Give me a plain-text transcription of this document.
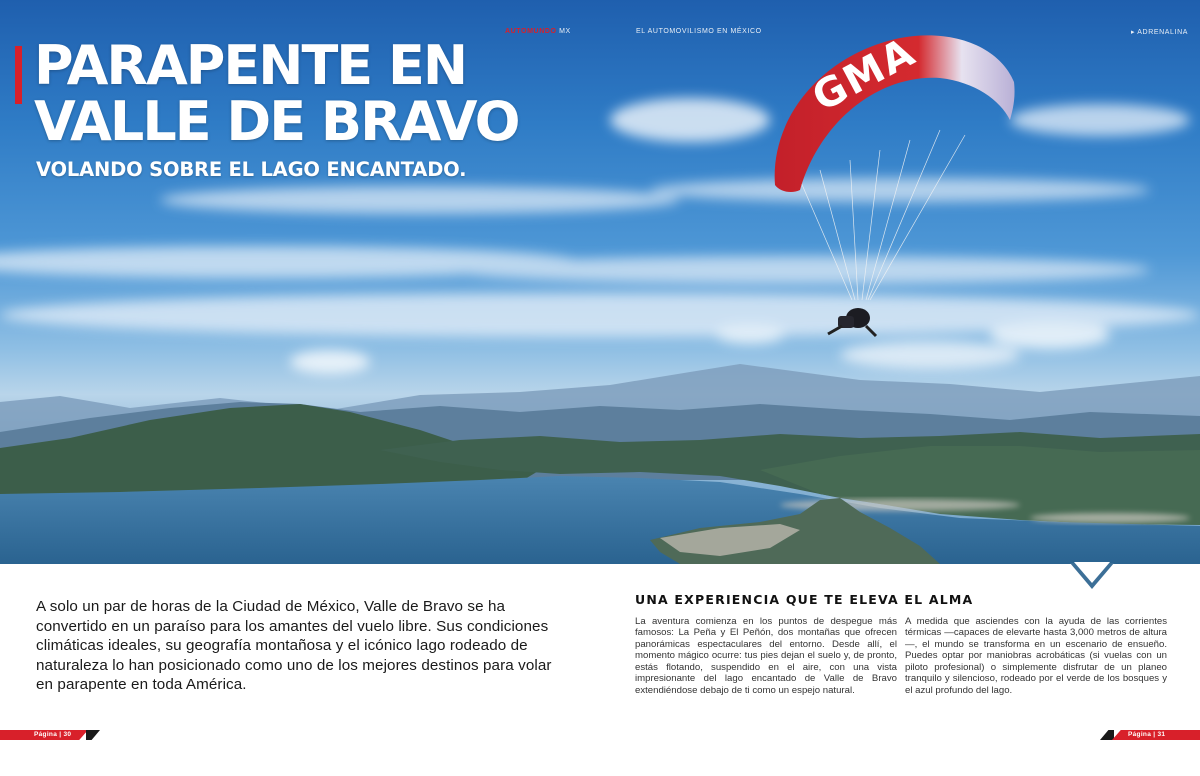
GMA
AUTOMUNDO MX	EL AUTOMOVILISMO EN MÉXICO	▸ ADRENALINA
PARAPENTE EN VALLE DE BRAVO
VOLANDO SOBRE EL LAGO ENCANTADO.

A solo un par de horas de la Ciudad de México, Valle de Bravo se ha convertido en un paraíso para los amantes del vuelo libre. Sus condiciones climáticas ideales, su geografía montañosa y el icónico lago rodeado de naturaleza lo han posicionado como uno de los mejores destinos para volar en parapente en toda América.

UNA EXPERIENCIA QUE TE ELEVA EL ALMA

La aventura comienza en los puntos de despegue más famosos: La Peña y El Peñón, dos montañas que ofrecen panorámicas espectaculares del entorno. Desde allí, el momento mágico ocurre: tus pies dejan el suelo y, de pronto, estás flotando, suspendido en el aire, con una vista impresionante del lago encantado de Valle de Bravo extendiéndose debajo de ti como un espejo natural.

A medida que asciendes con la ayuda de las corrientes térmicas —capaces de elevarte hasta 3,000 metros de altura—, el mundo se transforma en un escenario de ensueño. Puedes optar por maniobras acrobáticas (si vuelas con un piloto profesional) o simplemente disfrutar de un planeo tranquilo y silencioso, rodeado por el verde de los bosques y el azul profundo del lago.

Página | 30	Página | 31
